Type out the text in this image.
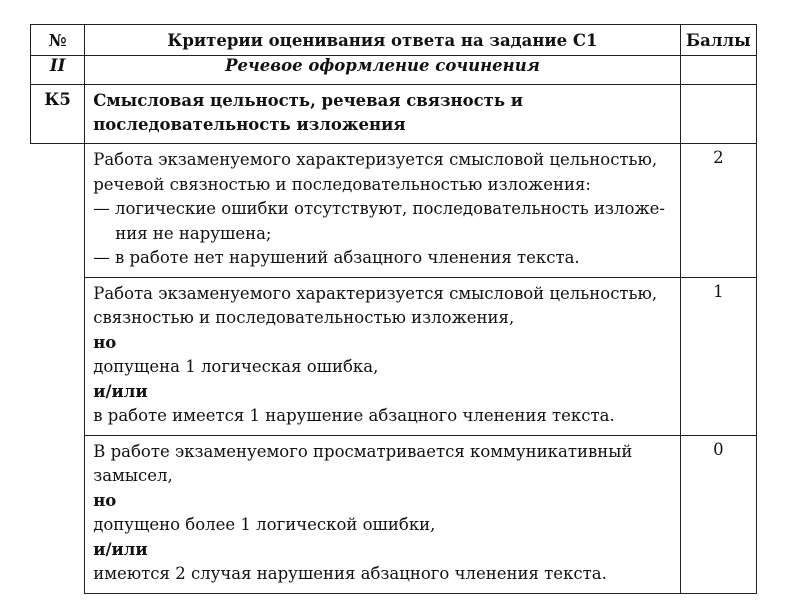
№	Критерии оценивания ответа на задание С1	Баллы
II	Речевое оформление сочинения	
К5	Смысловая цельность, речевая связность и последовательность изложения	

	Работа экзаменуемого характеризуется смысловой цельностью, речевой связностью и последовательностью изложения:
— логические ошибки отсутствуют, последовательность изложе-ния не нарушена;
— в работе нет нарушений абзацного членения текста.	2

	Работа экзаменуемого характеризуется смысловой цельностью, связностью и последовательностью изложения,
но
допущена 1 логическая ошибка,
и/или
в работе имеется 1 нарушение абзацного членения текста.	1

	В работе экзаменуемого просматривается коммуникативный замысел,
но
допущено более 1 логической ошибки,
и/или
имеются 2 случая нарушения абзацного членения текста.	0
